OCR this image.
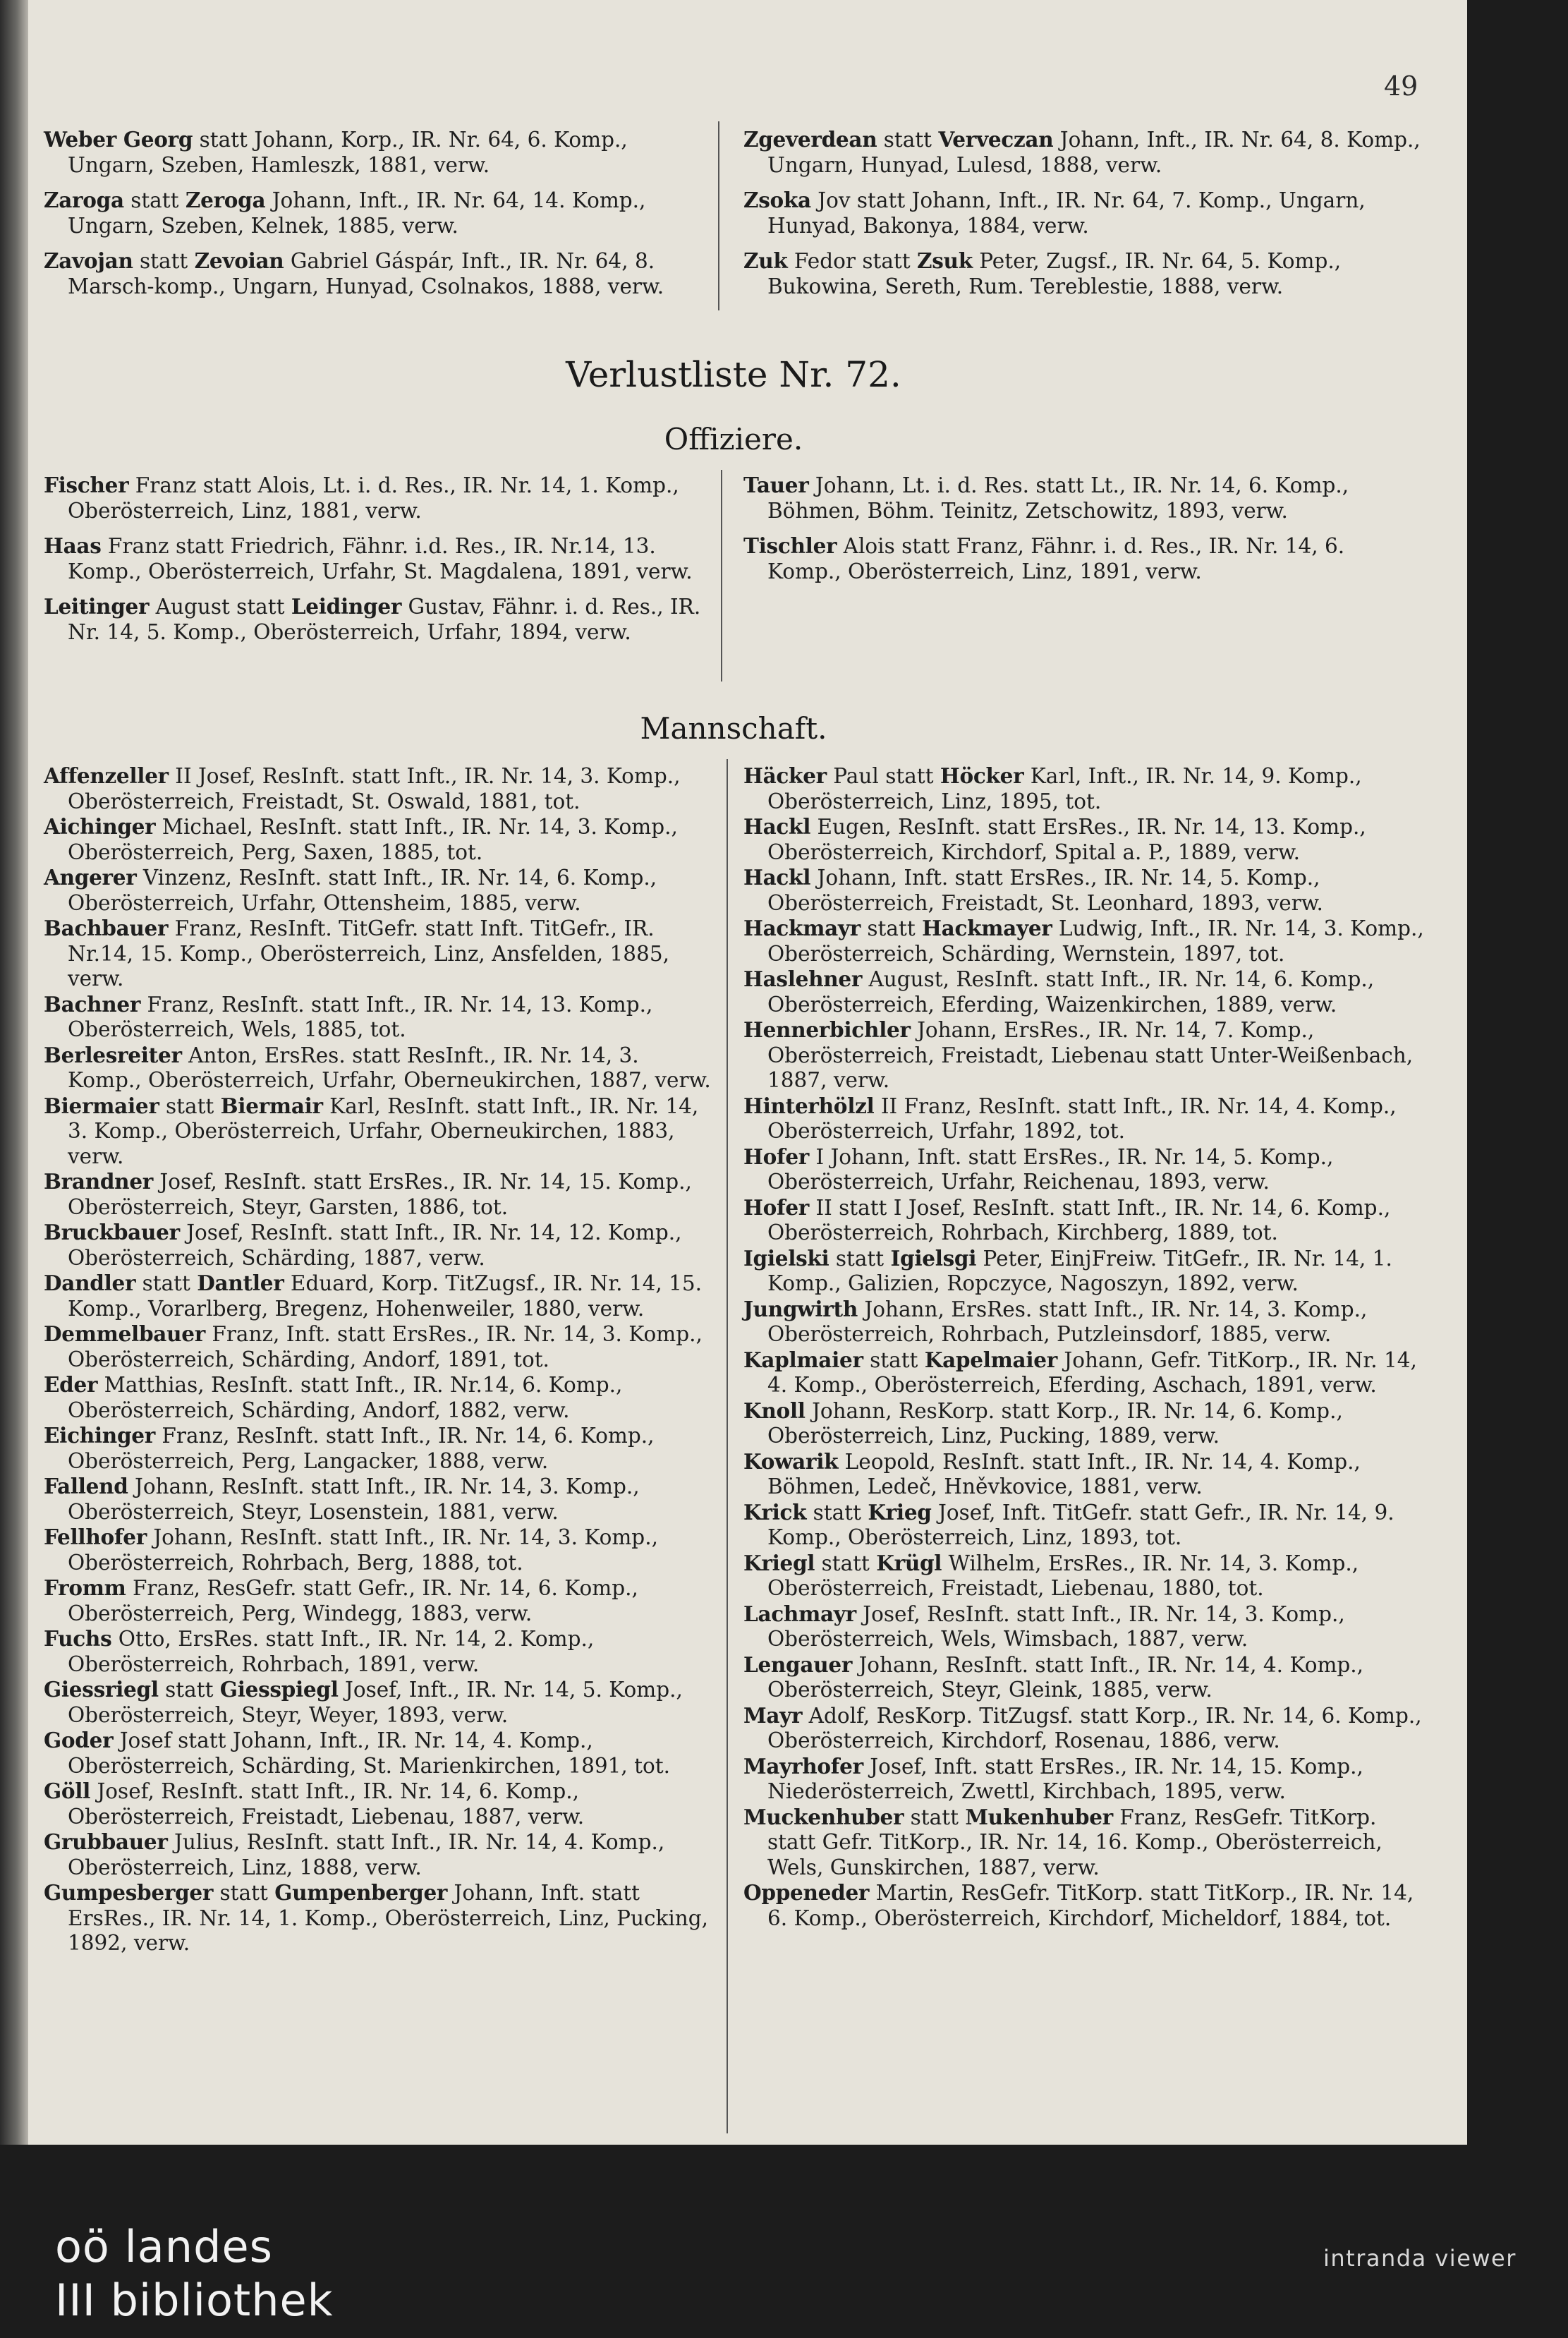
49

Weber Georg statt Johann, Korp., IR. Nr. 64, 6. Komp., Ungarn, Szeben, Hamleszk, 1881, verw.

Zaroga statt Zeroga Johann, Inft., IR. Nr. 64, 14. Komp., Ungarn, Szeben, Kelnek, 1885, verw.

Zavojan statt Zevoian Gabriel Gáspár, Inft., IR. Nr. 64, 8. Marsch-komp., Ungarn, Hunyad, Csolnakos, 1888, verw.

Zgeverdean statt Verveczan Johann, Inft., IR. Nr. 64, 8. Komp., Ungarn, Hunyad, Lulesd, 1888, verw.

Zsoka Jov statt Johann, Inft., IR. Nr. 64, 7. Komp., Ungarn, Hunyad, Bakonya, 1884, verw.

Zuk Fedor statt Zsuk Peter, Zugsf., IR. Nr. 64, 5. Komp., Bukowina, Sereth, Rum. Tereblestie, 1888, verw.

Verlustliste Nr. 72.
Offiziere.

Fischer Franz statt Alois, Lt. i. d. Res., IR. Nr. 14, 1. Komp., Oberösterreich, Linz, 1881, verw.

Haas Franz statt Friedrich, Fähnr. i.d. Res., IR. Nr.14, 13. Komp., Oberösterreich, Urfahr, St. Magdalena, 1891, verw.

Leitinger August statt Leidinger Gustav, Fähnr. i. d. Res., IR. Nr. 14, 5. Komp., Oberösterreich, Urfahr, 1894, verw.

Tauer Johann, Lt. i. d. Res. statt Lt., IR. Nr. 14, 6. Komp., Böhmen, Böhm. Teinitz, Zetschowitz, 1893, verw.

Tischler Alois statt Franz, Fähnr. i. d. Res., IR. Nr. 14, 6. Komp., Oberösterreich, Linz, 1891, verw.

Mannschaft.

Affenzeller II Josef, ResInft. statt Inft., IR. Nr. 14, 3. Komp., Oberösterreich, Freistadt, St. Oswald, 1881, tot.

Aichinger Michael, ResInft. statt Inft., IR. Nr. 14, 3. Komp., Oberösterreich, Perg, Saxen, 1885, tot.

Angerer Vinzenz, ResInft. statt Inft., IR. Nr. 14, 6. Komp., Oberösterreich, Urfahr, Ottensheim, 1885, verw.

Bachbauer Franz, ResInft. TitGefr. statt Inft. TitGefr., IR. Nr.14, 15. Komp., Oberösterreich, Linz, Ansfelden, 1885, verw.

Bachner Franz, ResInft. statt Inft., IR. Nr. 14, 13. Komp., Oberösterreich, Wels, 1885, tot.

Berlesreiter Anton, ErsRes. statt ResInft., IR. Nr. 14, 3. Komp., Oberösterreich, Urfahr, Oberneukirchen, 1887, verw.

Biermaier statt Biermair Karl, ResInft. statt Inft., IR. Nr. 14, 3. Komp., Oberösterreich, Urfahr, Oberneukirchen, 1883, verw.

Brandner Josef, ResInft. statt ErsRes., IR. Nr. 14, 15. Komp., Oberösterreich, Steyr, Garsten, 1886, tot.

Bruckbauer Josef, ResInft. statt Inft., IR. Nr. 14, 12. Komp., Oberösterreich, Schärding, 1887, verw.

Dandler statt Dantler Eduard, Korp. TitZugsf., IR. Nr. 14, 15. Komp., Vorarlberg, Bregenz, Hohenweiler, 1880, verw.

Demmelbauer Franz, Inft. statt ErsRes., IR. Nr. 14, 3. Komp., Oberösterreich, Schärding, Andorf, 1891, tot.

Eder Matthias, ResInft. statt Inft., IR. Nr.14, 6. Komp., Oberösterreich, Schärding, Andorf, 1882, verw.

Eichinger Franz, ResInft. statt Inft., IR. Nr. 14, 6. Komp., Oberösterreich, Perg, Langacker, 1888, verw.

Fallend Johann, ResInft. statt Inft., IR. Nr. 14, 3. Komp., Oberösterreich, Steyr, Losenstein, 1881, verw.

Fellhofer Johann, ResInft. statt Inft., IR. Nr. 14, 3. Komp., Oberösterreich, Rohrbach, Berg, 1888, tot.

Fromm Franz, ResGefr. statt Gefr., IR. Nr. 14, 6. Komp., Oberösterreich, Perg, Windegg, 1883, verw.

Fuchs Otto, ErsRes. statt Inft., IR. Nr. 14, 2. Komp., Oberösterreich, Rohrbach, 1891, verw.

Giessriegl statt Giesspiegl Josef, Inft., IR. Nr. 14, 5. Komp., Oberösterreich, Steyr, Weyer, 1893, verw.

Goder Josef statt Johann, Inft., IR. Nr. 14, 4. Komp., Oberösterreich, Schärding, St. Marienkirchen, 1891, tot.

Göll Josef, ResInft. statt Inft., IR. Nr. 14, 6. Komp., Oberösterreich, Freistadt, Liebenau, 1887, verw.

Grubbauer Julius, ResInft. statt Inft., IR. Nr. 14, 4. Komp., Oberösterreich, Linz, 1888, verw.

Gumpesberger statt Gumpenberger Johann, Inft. statt ErsRes., IR. Nr. 14, 1. Komp., Oberösterreich, Linz, Pucking, 1892, verw.

Häcker Paul statt Höcker Karl, Inft., IR. Nr. 14, 9. Komp., Oberösterreich, Linz, 1895, tot.

Hackl Eugen, ResInft. statt ErsRes., IR. Nr. 14, 13. Komp., Oberösterreich, Kirchdorf, Spital a. P., 1889, verw.

Hackl Johann, Inft. statt ErsRes., IR. Nr. 14, 5. Komp., Oberösterreich, Freistadt, St. Leonhard, 1893, verw.

Hackmayr statt Hackmayer Ludwig, Inft., IR. Nr. 14, 3. Komp., Oberösterreich, Schärding, Wernstein, 1897, tot.

Haslehner August, ResInft. statt Inft., IR. Nr. 14, 6. Komp., Oberösterreich, Eferding, Waizenkirchen, 1889, verw.

Hennerbichler Johann, ErsRes., IR. Nr. 14, 7. Komp., Oberösterreich, Freistadt, Liebenau statt Unter-Weißenbach, 1887, verw.

Hinterhölzl II Franz, ResInft. statt Inft., IR. Nr. 14, 4. Komp., Oberösterreich, Urfahr, 1892, tot.

Hofer I Johann, Inft. statt ErsRes., IR. Nr. 14, 5. Komp., Oberösterreich, Urfahr, Reichenau, 1893, verw.

Hofer II statt I Josef, ResInft. statt Inft., IR. Nr. 14, 6. Komp., Oberösterreich, Rohrbach, Kirchberg, 1889, tot.

Igielski statt Igielsgi Peter, EinjFreiw. TitGefr., IR. Nr. 14, 1. Komp., Galizien, Ropczyce, Nagoszyn, 1892, verw.

Jungwirth Johann, ErsRes. statt Inft., IR. Nr. 14, 3. Komp., Oberösterreich, Rohrbach, Putzleinsdorf, 1885, verw.

Kaplmaier statt Kapelmaier Johann, Gefr. TitKorp., IR. Nr. 14, 4. Komp., Oberösterreich, Eferding, Aschach, 1891, verw.

Knoll Johann, ResKorp. statt Korp., IR. Nr. 14, 6. Komp., Oberösterreich, Linz, Pucking, 1889, verw.

Kowarik Leopold, ResInft. statt Inft., IR. Nr. 14, 4. Komp., Böhmen, Ledeč, Hněvkovice, 1881, verw.

Krick statt Krieg Josef, Inft. TitGefr. statt Gefr., IR. Nr. 14, 9. Komp., Oberösterreich, Linz, 1893, tot.

Kriegl statt Krügl Wilhelm, ErsRes., IR. Nr. 14, 3. Komp., Oberösterreich, Freistadt, Liebenau, 1880, tot.

Lachmayr Josef, ResInft. statt Inft., IR. Nr. 14, 3. Komp., Oberösterreich, Wels, Wimsbach, 1887, verw.

Lengauer Johann, ResInft. statt Inft., IR. Nr. 14, 4. Komp., Oberösterreich, Steyr, Gleink, 1885, verw.

Mayr Adolf, ResKorp. TitZugsf. statt Korp., IR. Nr. 14, 6. Komp., Oberösterreich, Kirchdorf, Rosenau, 1886, verw.

Mayrhofer Josef, Inft. statt ErsRes., IR. Nr. 14, 15. Komp., Niederösterreich, Zwettl, Kirchbach, 1895, verw.

Muckenhuber statt Mukenhuber Franz, ResGefr. TitKorp. statt Gefr. TitKorp., IR. Nr. 14, 16. Komp., Oberösterreich, Wels, Gunskirchen, 1887, verw.

Oppeneder Martin, ResGefr. TitKorp. statt TitKorp., IR. Nr. 14, 6. Komp., Oberösterreich, Kirchdorf, Micheldorf, 1884, tot.

oö landes
III bibliothek
intranda viewer
